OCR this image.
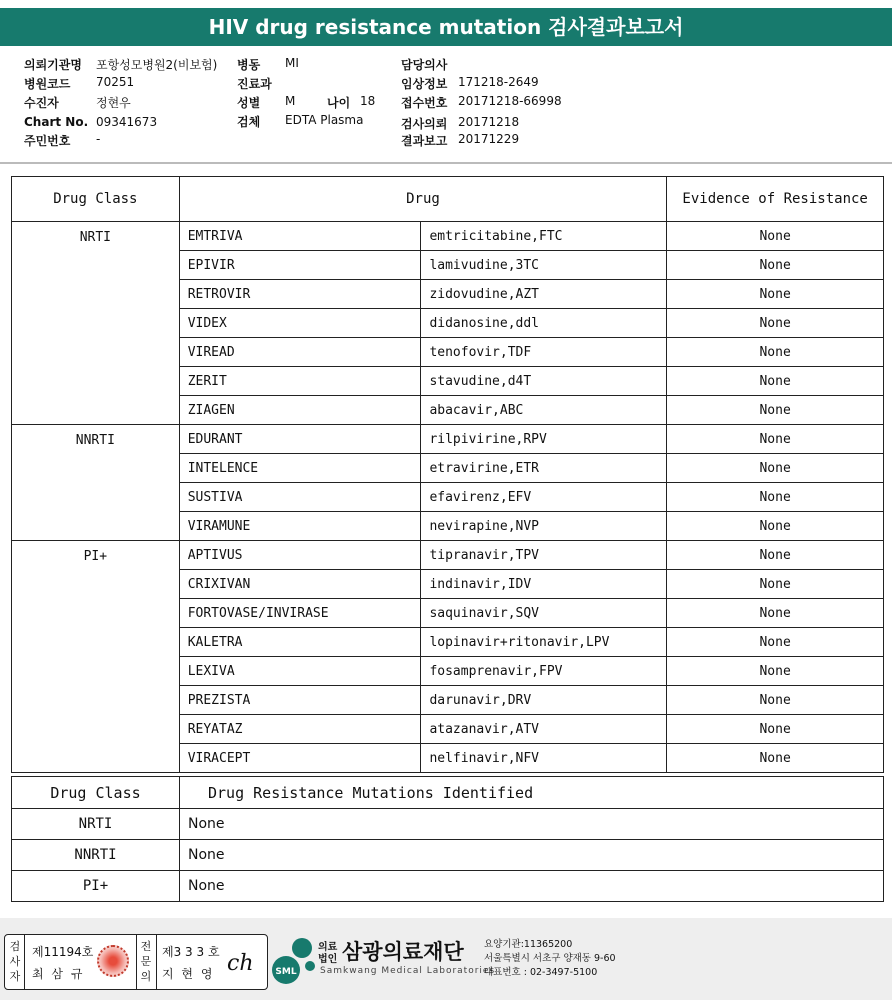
HIV drug resistance mutation 검사결과보고서
의뢰기관명 포항성모병원2(비보험)
병원코드 70251
수진자	정현우
Chart No. 09341673
주민번호 -
병동 MI
진료과
성별 M	나이 18
검체 EDTA Plasma
담당의사
임상정보 171218-2649
접수번호 20171218-66998
검사의뢰 20171218
결과보고 20171229
Drug Class	Drug		Evidence of Resistance
NRTI	EMTRIVA	emtricitabine,FTC	None
	EPIVIR	lamivudine,3TC	None
	RETROVIR	zidovudine,AZT	None
	VIDEX	didanosine,ddl	None
	VIREAD	tenofovir,TDF	None
	ZERIT	stavudine,d4T	None
	ZIAGEN	abacavir,ABC	None
NNRTI	EDURANT	rilpivirine,RPV	None
	INTELENCE	etravirine,ETR	None
	SUSTIVA	efavirenz,EFV	None
	VIRAMUNE	nevirapine,NVP	None
PI+	APTIVUS	tipranavir,TPV	None
	CRIXIVAN	indinavir,IDV	None
	FORTOVASE/INVIRASE	saquinavir,SQV	None
	KALETRA	lopinavir+ritonavir,LPV	None
	LEXIVA	fosamprenavir,FPV	None
	PREZISTA	darunavir,DRV	None
	REYATAZ	atazanavir,ATV	None
	VIRACEPT	nelfinavir,NFV	None
Drug Class	Drug Resistance Mutations Identified
NRTI	None
NNRTI	None
PI+	None
검
사
자
제11194호
최 삼 규
전
문
의
제3 3 3 호
지 현 영 ch SML
의료
법인 삼광의료재단
Samkwang Medical Laboratories
요양기관:11365200
서울특별시 서초구 양재동 9-60
대표번호 : 02-3497-5100
